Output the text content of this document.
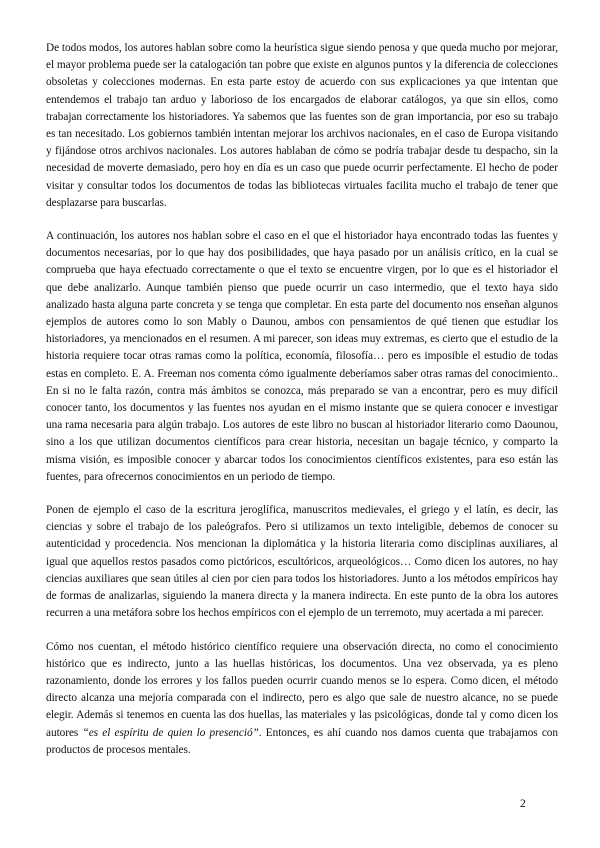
De todos modos, los autores hablan sobre como la heurística sigue siendo penosa y que queda mucho por mejorar, el mayor problema puede ser la catalogación tan pobre que existe en algunos puntos y la diferencia de colecciones obsoletas y colecciones modernas. En esta parte estoy de acuerdo con sus explicaciones ya que intentan que entendemos el trabajo tan arduo y laborioso de los encargados de elaborar catálogos, ya que sin ellos, como trabajan correctamente los historiadores. Ya sabemos que las fuentes son de gran importancia, por eso su trabajo es tan necesitado. Los gobiernos también intentan mejorar los archivos nacionales, en el caso de Europa visitando y fijándose otros archivos nacionales. Los autores hablaban de cómo se podría trabajar desde tu despacho, sin la necesidad de moverte demasiado, pero hoy en día es un caso que puede ocurrir perfectamente. El hecho de poder visitar y consultar todos los documentos de todas las bibliotecas virtuales facilita mucho el trabajo de tener que desplazarse para buscarlas.

A continuación, los autores nos hablan sobre el caso en el que el historiador haya encontrado todas las fuentes y documentos necesarias, por lo que hay dos posibilidades, que haya pasado por un análisis crítico, en la cual se comprueba que haya efectuado correctamente o que el texto se encuentre virgen, por lo que es el historiador el que debe analizarlo. Aunque también pienso que puede ocurrir un caso intermedio, que el texto haya sido analizado hasta alguna parte concreta y se tenga que completar. En esta parte del documento nos enseñan algunos ejemplos de autores como lo son Mably o Daunou, ambos con pensamientos de qué tienen que estudiar los historiadores, ya mencionados en el resumen. A mi parecer, son ideas muy extremas, es cierto que el estudio de la historia requiere tocar otras ramas como la política, economía, filosofía… pero es imposible el estudio de todas estas en completo. E. A. Freeman nos comenta cómo igualmente deberíamos saber otras ramas del conocimiento.. En si no le falta razón, contra más ámbitos se conozca, más preparado se van a encontrar, pero es muy difícil conocer tanto, los documentos y las fuentes nos ayudan en el mismo instante que se quiera conocer e investigar una rama necesaria para algún trabajo. Los autores de este libro no buscan al historiador literario como Daounou, sino a los que utilizan documentos científicos para crear historia, necesitan un bagaje técnico, y comparto la misma visión, es imposible conocer y abarcar todos los conocimientos científicos existentes, para eso están las fuentes, para ofrecernos conocimientos en un periodo de tiempo.

Ponen de ejemplo el caso de la escritura jeroglífica, manuscritos medievales, el griego y el latín, es decir, las ciencias y sobre el trabajo de los paleógrafos. Pero si utilizamos un texto inteligible, debemos de conocer su autenticidad y procedencia. Nos mencionan la diplomática y la historia literaria como disciplinas auxiliares, al igual que aquellos restos pasados como pictóricos, escultóricos, arqueológicos… Como dicen los autores, no hay ciencias auxiliares que sean útiles al cien por cien para todos los historiadores. Junto a los métodos empíricos hay de formas de analizarlas, siguiendo la manera directa y la manera indirecta. En este punto de la obra los autores recurren a una metáfora sobre los hechos empíricos con el ejemplo de un terremoto, muy acertada a mi parecer.

Cómo nos cuentan, el método histórico científico requiere una observación directa, no como el conocimiento histórico que es indirecto, junto a las huellas históricas, los documentos. Una vez observada, ya es pleno razonamiento, donde los errores y los fallos pueden ocurrir cuando menos se lo espera. Como dicen, el método directo alcanza una mejoría comparada con el indirecto, pero es algo que sale de nuestro alcance, no se puede elegir. Además si tenemos en cuenta las dos huellas, las materiales y las psicológicas, donde tal y como dicen los autores “es el espíritu de quien lo presenció”. Entonces, es ahí cuando nos damos cuenta que trabajamos con productos de procesos mentales.

2
